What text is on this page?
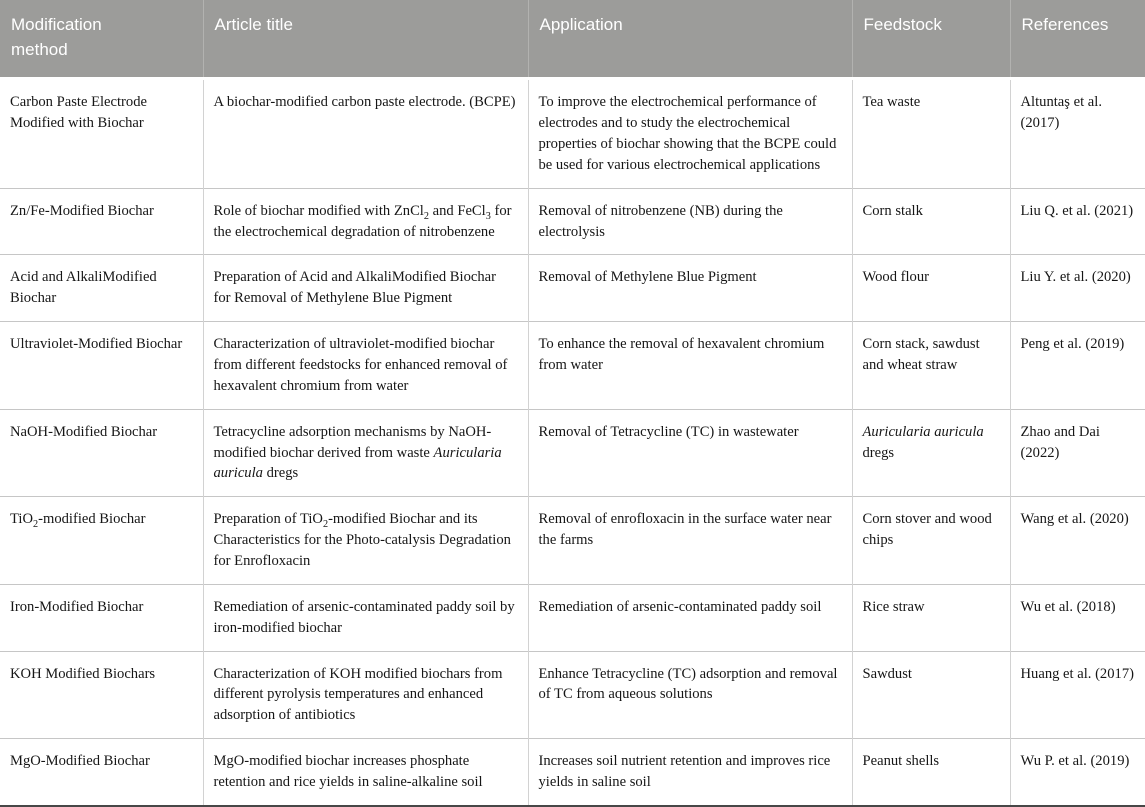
Modification method	Article title	Application	Feedstock	References
Carbon Paste Electrode Modified with Biochar	A biochar-modified carbon paste electrode. (BCPE)	To improve the electrochemical performance of electrodes and to study the electrochemical properties of biochar showing that the BCPE could be used for various electrochemical applications	Tea waste	Altuntaş et al. (2017)
Zn/Fe-Modified Biochar	Role of biochar modified with ZnCl$_2$ and FeCl$_3$ for the electrochemical degradation of nitrobenzene	Removal of nitrobenzene (NB) during the electrolysis	Corn stalk	Liu Q. et al. (2021)
Acid and AlkaliModified Biochar	Preparation of Acid and AlkaliModified Biochar for Removal of Methylene Blue Pigment	Removal of Methylene Blue Pigment	Wood flour	Liu Y. et al. (2020)
Ultraviolet-Modified Biochar	Characterization of ultraviolet-modified biochar from different feedstocks for enhanced removal of hexavalent chromium from water	To enhance the removal of hexavalent chromium from water	Corn stack, sawdust and wheat straw	Peng et al. (2019)
NaOH-Modified Biochar	Tetracycline adsorption mechanisms by NaOH-modified biochar derived from waste Auricularia auricula dregs	Removal of Tetracycline (TC) in wastewater	Auricularia auricula dregs	Zhao and Dai (2022)
TiO$_2$-modified Biochar	Preparation of TiO$_2$-modified Biochar and its Characteristics for the Photo-catalysis Degradation for Enrofloxacin	Removal of enrofloxacin in the surface water near the farms	Corn stover and wood chips	Wang et al. (2020)
Iron-Modified Biochar	Remediation of arsenic-contaminated paddy soil by iron-modified biochar	Remediation of arsenic-contaminated paddy soil	Rice straw	Wu et al. (2018)
KOH Modified Biochars	Characterization of KOH modified biochars from different pyrolysis temperatures and enhanced adsorption of antibiotics	Enhance Tetracycline (TC) adsorption and removal of TC from aqueous solutions	Sawdust	Huang et al. (2017)
MgO-Modified Biochar	MgO-modified biochar increases phosphate retention and rice yields in saline-alkaline soil	Increases soil nutrient retention and improves rice yields in saline soil	Peanut shells	Wu P. et al. (2019)
